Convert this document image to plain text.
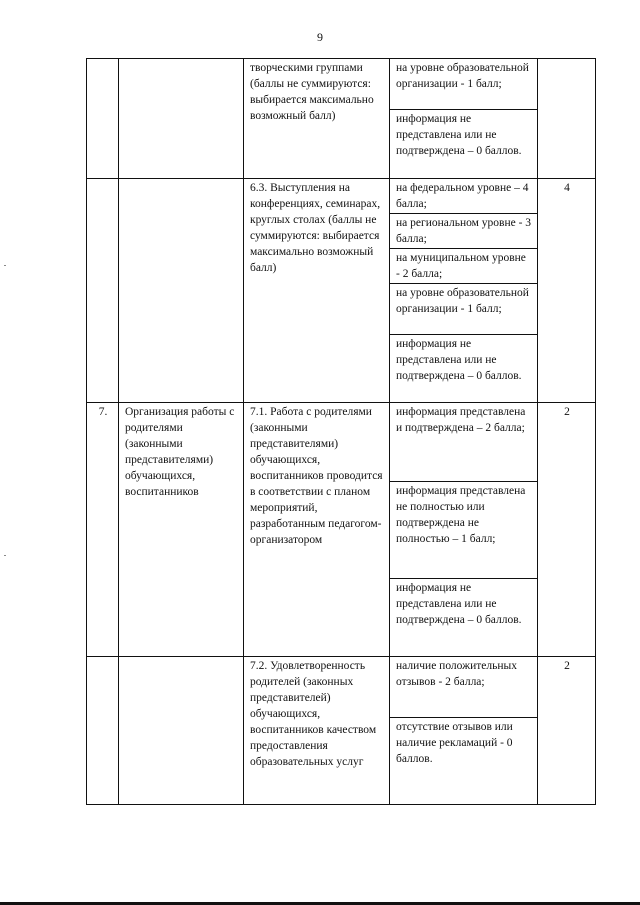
9
		творческими группами (баллы не суммируются: выбирается максимально возможный балл)	на уровне образовательной организации - 1 балл;
информация не представлена или не подтверждена – 0 баллов.	

		6.3. Выступления на конференциях, семинарах, круглых столах (баллы не суммируются: выбирается максимально возможный балл)	на федеральном уровне – 4 балла;
на региональном уровне - 3 балла;
на муниципальном уровне - 2 балла;
на уровне образовательной организации - 1 балл;
информация не представлена или не подтверждена – 0 баллов.	4
7.	Организация работы с родителями (законными представителями) обучающихся, воспитанников	7.1. Работа с родителями (законными представителями) обучающихся, воспитанников проводится в соответствии с планом мероприятий, разработанным педагогом-организатором	информация представлена и подтверждена – 2 балла;
информация представлена не полностью или подтверждена не полностью – 1 балл;
информация не представлена или не подтверждена – 0 баллов.	2
		7.2. Удовлетворенность родителей (законных представителей) обучающихся, воспитанников качеством предоставления образовательных услуг	наличие положительных отзывов - 2 балла;
отсутствие отзывов или наличие рекламаций - 0 баллов.	2
